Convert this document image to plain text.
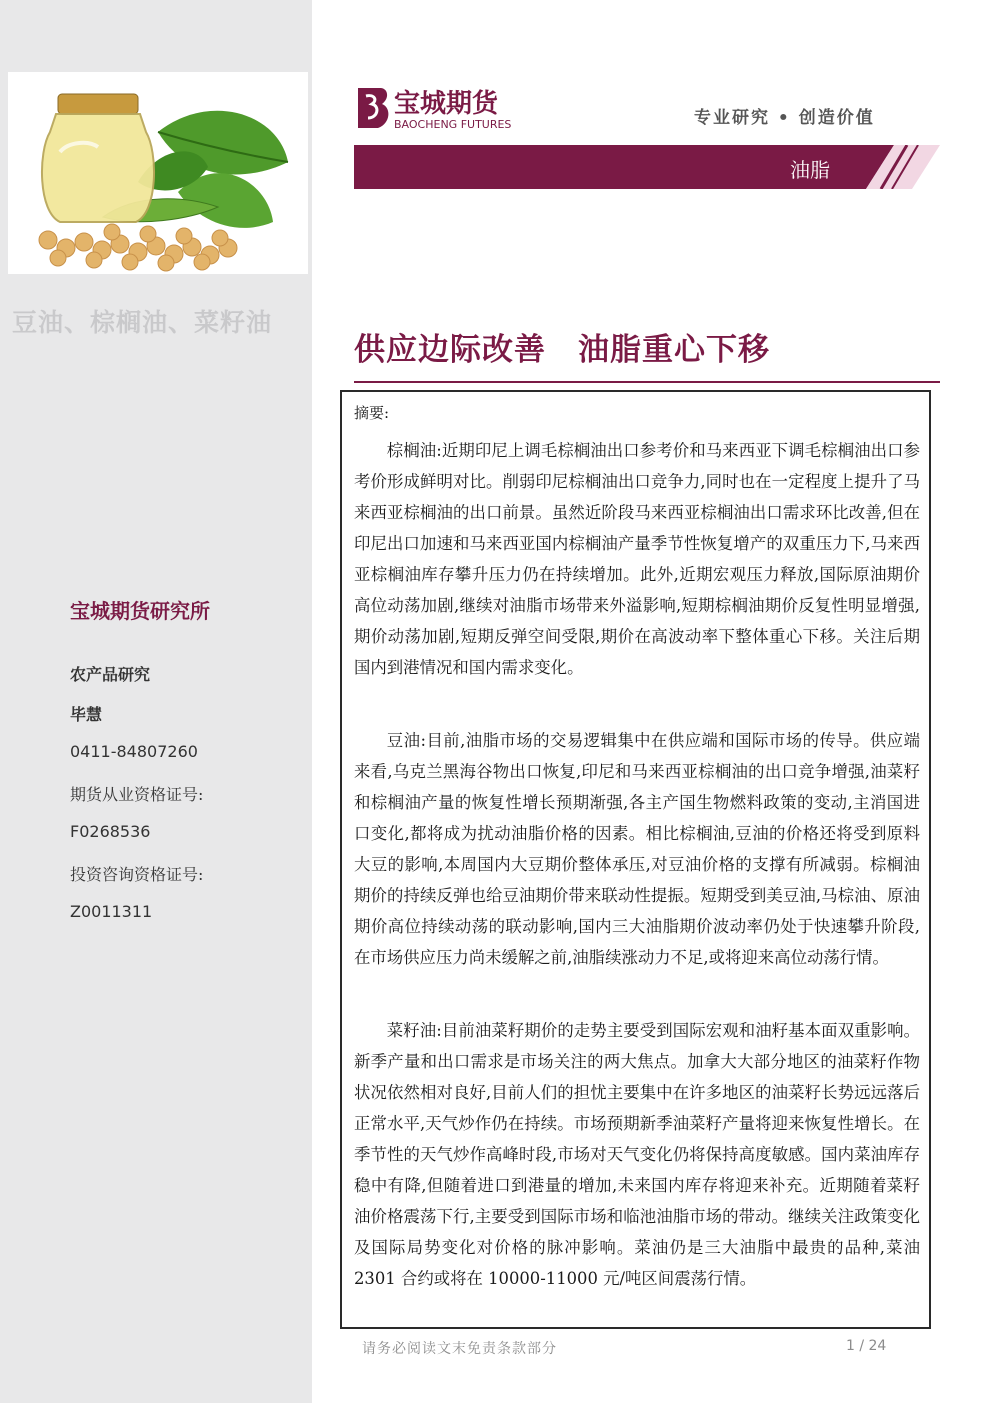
豆油、棕榈油、菜籽油
宝城期货研究所
农产品研究
毕慧
0411-84807260
期货从业资格证号:
F0268536
投资咨询资格证号:
Z0011311
宝城期货
BAOCHENG FUTURES	专业研究 • 创造价值
油脂
供应边际改善　油脂重心下移
摘要:

棕榈油:近期印尼上调毛棕榈油出口参考价和马来西亚下调毛棕榈油出口参考价形成鲜明对比。削弱印尼棕榈油出口竞争力,同时也在一定程度上提升了马来西亚棕榈油的出口前景。虽然近阶段马来西亚棕榈油出口需求环比改善,但在印尼出口加速和马来西亚国内棕榈油产量季节性恢复增产的双重压力下,马来西亚棕榈油库存攀升压力仍在持续增加。此外,近期宏观压力释放,国际原油期价高位动荡加剧,继续对油脂市场带来外溢影响,短期棕榈油期价反复性明显增强,期价动荡加剧,短期反弹空间受限,期价在高波动率下整体重心下移。关注后期国内到港情况和国内需求变化。

豆油:目前,油脂市场的交易逻辑集中在供应端和国际市场的传导。供应端来看,乌克兰黑海谷物出口恢复,印尼和马来西亚棕榈油的出口竞争增强,油菜籽和棕榈油产量的恢复性增长预期渐强,各主产国生物燃料政策的变动,主消国进口变化,都将成为扰动油脂价格的因素。相比棕榈油,豆油的价格还将受到原料大豆的影响,本周国内大豆期价整体承压,对豆油价格的支撑有所减弱。棕榈油期价的持续反弹也给豆油期价带来联动性提振。短期受到美豆油,马棕油、原油期价高位持续动荡的联动影响,国内三大油脂期价波动率仍处于快速攀升阶段,在市场供应压力尚未缓解之前,油脂续涨动力不足,或将迎来高位动荡行情。

菜籽油:目前油菜籽期价的走势主要受到国际宏观和油籽基本面双重影响。新季产量和出口需求是市场关注的两大焦点。加拿大大部分地区的油菜籽作物状况依然相对良好,目前人们的担忧主要集中在许多地区的油菜籽长势远远落后正常水平,天气炒作仍在持续。市场预期新季油菜籽产量将迎来恢复性增长。在季节性的天气炒作高峰时段,市场对天气变化仍将保持高度敏感。国内菜油库存稳中有降,但随着进口到港量的增加,未来国内库存将迎来补充。近期随着菜籽油价格震荡下行,主要受到国际市场和临池油脂市场的带动。继续关注政策变化及国际局势变化对价格的脉冲影响。菜油仍是三大油脂中最贵的品种,菜油 2301 合约或将在 10000-11000 元/吨区间震荡行情。

请务必阅读文末免责条款部分	1 / 24
